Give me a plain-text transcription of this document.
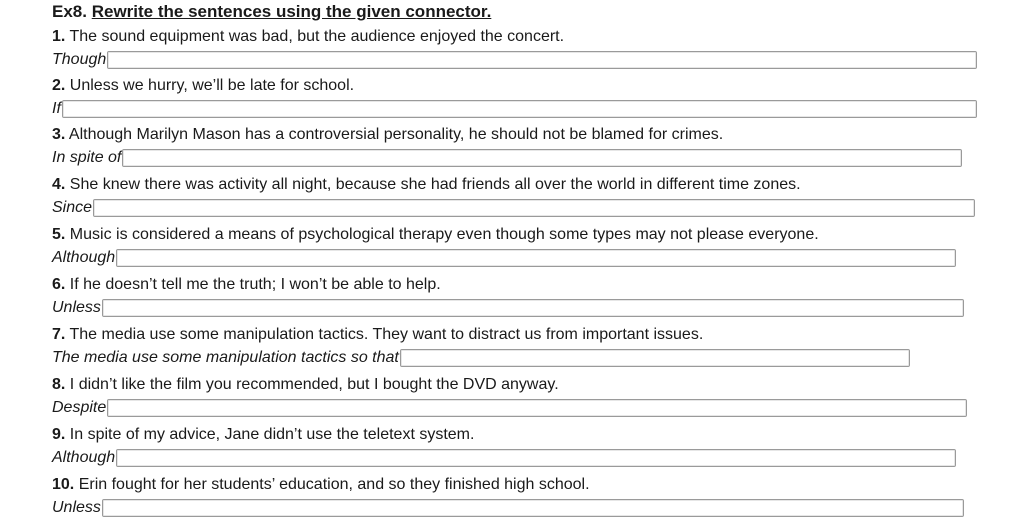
Ex8. Rewrite the sentences using the given connector.
1. The sound equipment was bad, but the audience enjoyed the concert.
Though
2. Unless we hurry, we’ll be late for school.
If
3. Although Marilyn Mason has a controversial personality, he should not be blamed for crimes.
In spite of
4. She knew there was activity all night, because she had friends all over the world in different time zones.
Since
5. Music is considered a means of psychological therapy even though some types may not please everyone.
Although
6. If he doesn’t tell me the truth; I won’t be able to help.
Unless
7. The media use some manipulation tactics. They want to distract us from important issues.
The media use some manipulation tactics so that
8. I didn’t like the film you recommended, but I bought the DVD anyway.
Despite
9. In spite of my advice, Jane didn’t use the teletext system.
Although
10. Erin fought for her students’ education, and so they finished high school.
Unless
